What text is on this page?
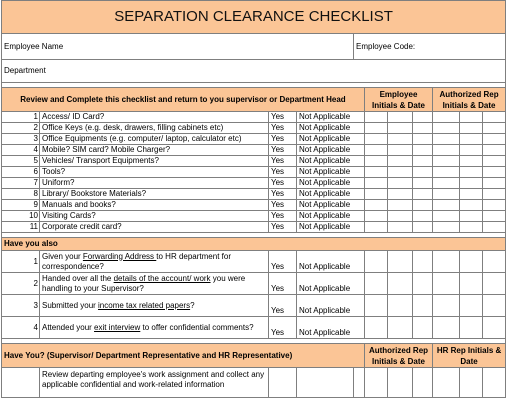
SEPARATION CLEARANCE CHECKLIST										
Employee Name				Employee Code:						
Department										

Review and Complete this checklist and return to you supervisor or Department Head					Employee Initials & Date			Authorized Rep Initials & Date		
1	Access/ ID Card?	Yes	Not Applicable							
2	Office Keys (e.g. desk, drawers, filling cabinets etc)	Yes	Not Applicable							
3	Office Equipments (e.g. computer/ laptop, calculator etc)	Yes	Not Applicable							
4	Mobile? SIM card? Mobile Charger?	Yes	Not Applicable							
5	Vehicles/ Transport Equipments?	Yes	Not Applicable							
6	Tools?	Yes	Not Applicable							
7	Uniform?	Yes	Not Applicable							
8	Library/ Bookstore Materials?	Yes	Not Applicable							
9	Manuals and books?	Yes	Not Applicable							
10	Visiting Cards?	Yes	Not Applicable							
11	Corporate credit card?	Yes	Not Applicable							

Have you also										
1	Given your Forwarding Address to HR department for correspondence?	Yes	Not Applicable							
2	Handed over all the details of the account/ work you were handling to your Supervisor?	Yes	Not Applicable							
3	Submitted your income tax related papers?	Yes	Not Applicable							
4	Attended your exit interview to offer confidential comments?	Yes	Not Applicable							

Have You? (Supervisor/ Department Representative and HR Representative)					Authorized Rep Initials & Date			HR Rep Initials & Date		
	Review departing employee's work assignment and collect any applicable confidential and work-related information									
